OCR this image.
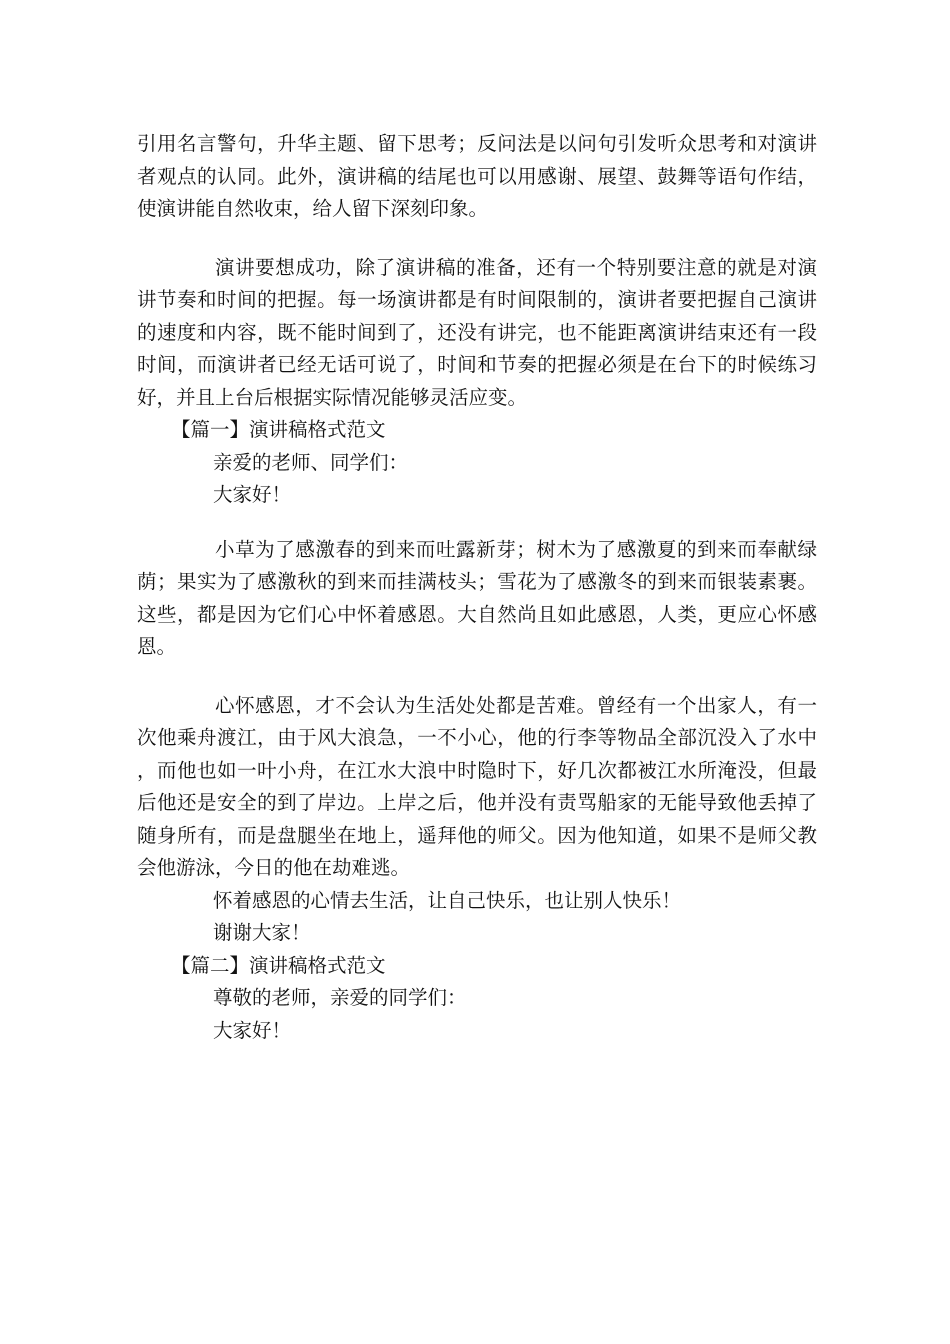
引用名言警句，升华主题、留下思考；反问法是以问句引发听众思考和对演讲者观点的认同。此外，演讲稿的结尾也可以用感谢、展望、鼓舞等语句作结，使演讲能自然收束，给人留下深刻印象。

演讲要想成功，除了演讲稿的准备，还有一个特别要注意的就是对演讲节奏和时间的把握。每一场演讲都是有时间限制的，演讲者要把握自己演讲的速度和内容，既不能时间到了，还没有讲完，也不能距离演讲结束还有一段时间，而演讲者已经无话可说了，时间和节奏的把握必须是在台下的时候练习好，并且上台后根据实际情况能够灵活应变。

【篇一】演讲稿格式范文

亲爱的老师、同学们：

大家好！

小草为了感激春的到来而吐露新芽；树木为了感激夏的到来而奉献绿荫；果实为了感激秋的到来而挂满枝头；雪花为了感激冬的到来而银装素裹。这些，都是因为它们心中怀着感恩。大自然尚且如此感恩，人类，更应心怀感恩。

心怀感恩，才不会认为生活处处都是苦难。曾经有一个出家人，有一次他乘舟渡江，由于风大浪急，一不小心，他的行李等物品全部沉没入了水中，而他也如一叶小舟，在江水大浪中时隐时下，好几次都被江水所淹没，但最后他还是安全的到了岸边。上岸之后，他并没有责骂船家的无能导致他丢掉了随身所有，而是盘腿坐在地上，遥拜他的师父。因为他知道，如果不是师父教会他游泳，今日的他在劫难逃。

怀着感恩的心情去生活，让自己快乐，也让别人快乐！

谢谢大家！

【篇二】演讲稿格式范文

尊敬的老师，亲爱的同学们：

大家好！
